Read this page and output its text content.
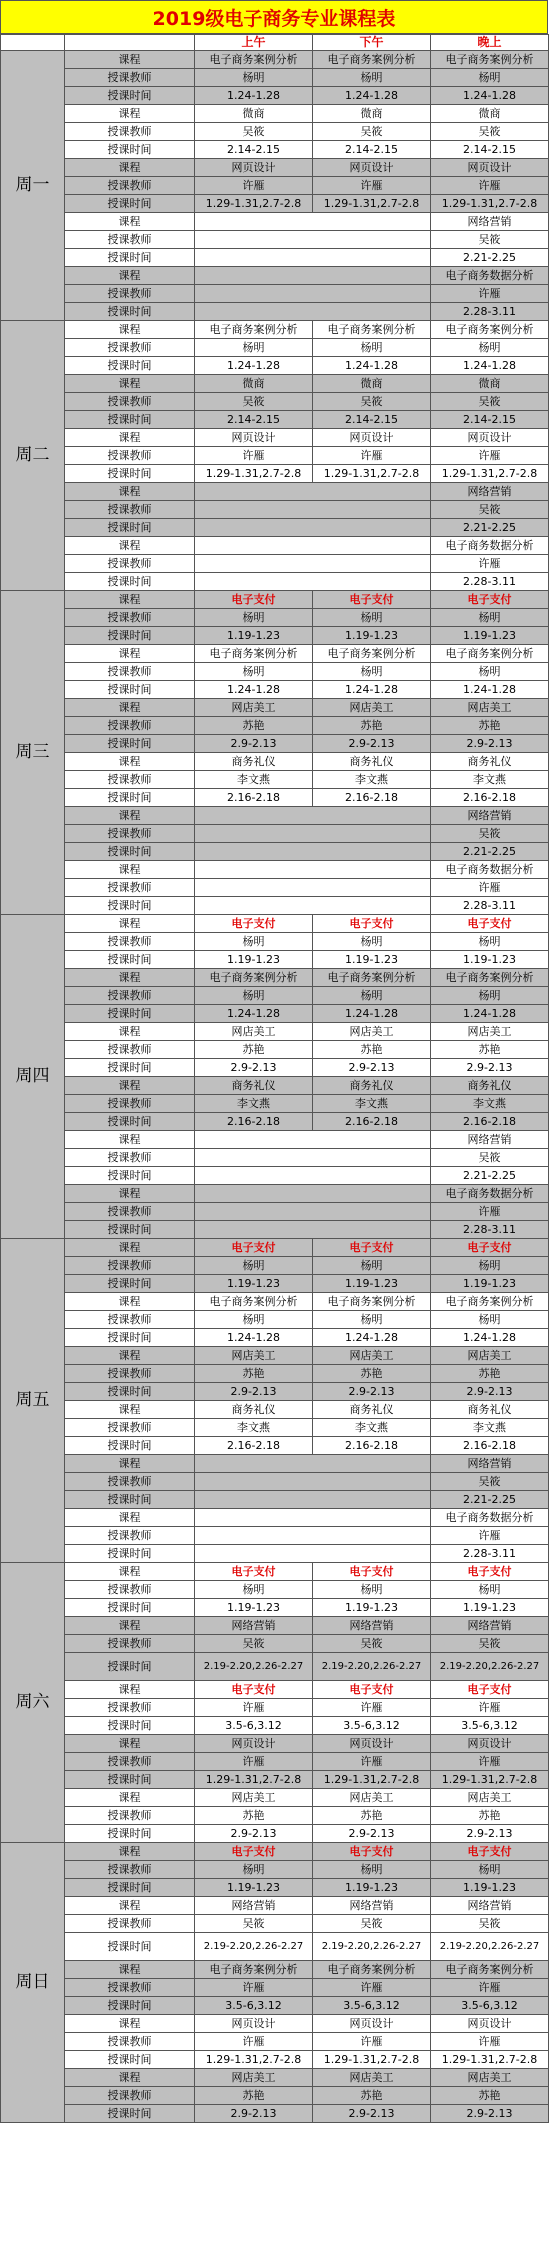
2019级电子商务专业课程表
		上午	下午	晚上
周一	课程	电子商务案例分析	电子商务案例分析	电子商务案例分析
	授课教师	杨明	杨明	杨明
	授课时间	1.24-1.28	1.24-1.28	1.24-1.28
	课程	微商	微商	微商
	授课教师	吴筱	吴筱	吴筱
	授课时间	2.14-2.15	2.14-2.15	2.14-2.15
	课程	网页设计	网页设计	网页设计
	授课教师	许雁	许雁	许雁
	授课时间	1.29-1.31,2.7-2.8	1.29-1.31,2.7-2.8	1.29-1.31,2.7-2.8
	课程			网络营销
	授课教师			吴筱
	授课时间			2.21-2.25
	课程			电子商务数据分析
	授课教师			许雁
	授课时间			2.28-3.11
周二	课程	电子商务案例分析	电子商务案例分析	电子商务案例分析
	授课教师	杨明	杨明	杨明
	授课时间	1.24-1.28	1.24-1.28	1.24-1.28
	课程	微商	微商	微商
	授课教师	吴筱	吴筱	吴筱
	授课时间	2.14-2.15	2.14-2.15	2.14-2.15
	课程	网页设计	网页设计	网页设计
	授课教师	许雁	许雁	许雁
	授课时间	1.29-1.31,2.7-2.8	1.29-1.31,2.7-2.8	1.29-1.31,2.7-2.8
	课程			网络营销
	授课教师			吴筱
	授课时间			2.21-2.25
	课程			电子商务数据分析
	授课教师			许雁
	授课时间			2.28-3.11
周三	课程	电子支付	电子支付	电子支付
	授课教师	杨明	杨明	杨明
	授课时间	1.19-1.23	1.19-1.23	1.19-1.23
	课程	电子商务案例分析	电子商务案例分析	电子商务案例分析
	授课教师	杨明	杨明	杨明
	授课时间	1.24-1.28	1.24-1.28	1.24-1.28
	课程	网店美工	网店美工	网店美工
	授课教师	苏艳	苏艳	苏艳
	授课时间	2.9-2.13	2.9-2.13	2.9-2.13
	课程	商务礼仪	商务礼仪	商务礼仪
	授课教师	李文燕	李文燕	李文燕
	授课时间	2.16-2.18	2.16-2.18	2.16-2.18
	课程			网络营销
	授课教师			吴筱
	授课时间			2.21-2.25
	课程			电子商务数据分析
	授课教师			许雁
	授课时间			2.28-3.11
周四	课程	电子支付	电子支付	电子支付
	授课教师	杨明	杨明	杨明
	授课时间	1.19-1.23	1.19-1.23	1.19-1.23
	课程	电子商务案例分析	电子商务案例分析	电子商务案例分析
	授课教师	杨明	杨明	杨明
	授课时间	1.24-1.28	1.24-1.28	1.24-1.28
	课程	网店美工	网店美工	网店美工
	授课教师	苏艳	苏艳	苏艳
	授课时间	2.9-2.13	2.9-2.13	2.9-2.13
	课程	商务礼仪	商务礼仪	商务礼仪
	授课教师	李文燕	李文燕	李文燕
	授课时间	2.16-2.18	2.16-2.18	2.16-2.18
	课程			网络营销
	授课教师			吴筱
	授课时间			2.21-2.25
	课程			电子商务数据分析
	授课教师			许雁
	授课时间			2.28-3.11
周五	课程	电子支付	电子支付	电子支付
	授课教师	杨明	杨明	杨明
	授课时间	1.19-1.23	1.19-1.23	1.19-1.23
	课程	电子商务案例分析	电子商务案例分析	电子商务案例分析
	授课教师	杨明	杨明	杨明
	授课时间	1.24-1.28	1.24-1.28	1.24-1.28
	课程	网店美工	网店美工	网店美工
	授课教师	苏艳	苏艳	苏艳
	授课时间	2.9-2.13	2.9-2.13	2.9-2.13
	课程	商务礼仪	商务礼仪	商务礼仪
	授课教师	李文燕	李文燕	李文燕
	授课时间	2.16-2.18	2.16-2.18	2.16-2.18
	课程			网络营销
	授课教师			吴筱
	授课时间			2.21-2.25
	课程			电子商务数据分析
	授课教师			许雁
	授课时间			2.28-3.11
周六	课程	电子支付	电子支付	电子支付
	授课教师	杨明	杨明	杨明
	授课时间	1.19-1.23	1.19-1.23	1.19-1.23
	课程	网络营销	网络营销	网络营销
	授课教师	吴筱	吴筱	吴筱
	授课时间	2.19-2.20,2.26-2.27	2.19-2.20,2.26-2.27	2.19-2.20,2.26-2.27
	课程	电子支付	电子支付	电子支付
	授课教师	许雁	许雁	许雁
	授课时间	3.5-6,3.12	3.5-6,3.12	3.5-6,3.12
	课程	网页设计	网页设计	网页设计
	授课教师	许雁	许雁	许雁
	授课时间	1.29-1.31,2.7-2.8	1.29-1.31,2.7-2.8	1.29-1.31,2.7-2.8
	课程	网店美工	网店美工	网店美工
	授课教师	苏艳	苏艳	苏艳
	授课时间	2.9-2.13	2.9-2.13	2.9-2.13
周日	课程	电子支付	电子支付	电子支付
	授课教师	杨明	杨明	杨明
	授课时间	1.19-1.23	1.19-1.23	1.19-1.23
	课程	网络营销	网络营销	网络营销
	授课教师	吴筱	吴筱	吴筱
	授课时间	2.19-2.20,2.26-2.27	2.19-2.20,2.26-2.27	2.19-2.20,2.26-2.27
	课程	电子商务案例分析	电子商务案例分析	电子商务案例分析
	授课教师	许雁	许雁	许雁
	授课时间	3.5-6,3.12	3.5-6,3.12	3.5-6,3.12
	课程	网页设计	网页设计	网页设计
	授课教师	许雁	许雁	许雁
	授课时间	1.29-1.31,2.7-2.8	1.29-1.31,2.7-2.8	1.29-1.31,2.7-2.8
	课程	网店美工	网店美工	网店美工
	授课教师	苏艳	苏艳	苏艳
	授课时间	2.9-2.13	2.9-2.13	2.9-2.13
